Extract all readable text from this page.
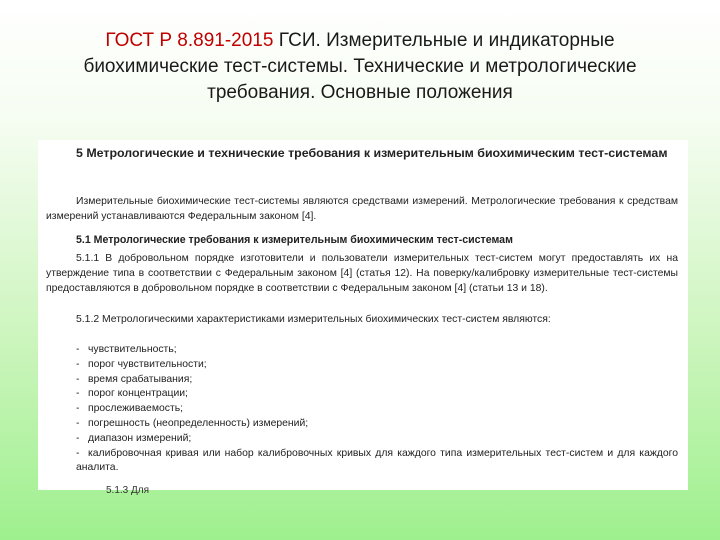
ГОСТ Р 8.891-2015 ГСИ. Измерительные и индикаторные биохимические тест-системы. Технические и метрологические требования. Основные положения
5 Метрологические и технические требования к измерительным биохимическим тест-системам
Измерительные биохимические тест-системы являются средствами измерений. Метрологические требования к средствам измерений устанавливаются Федеральным законом [4].
5.1 Метрологические требования к измерительным биохимическим тест-системам
5.1.1 В добровольном порядке изготовители и пользователи измерительных тест-систем могут предоставлять их на утверждение типа в соответствии с Федеральным законом [4] (статья 12). На поверку/калибровку измерительные тест-системы предоставляются в добровольном порядке в соответствии с Федеральным законом [4] (статьи 13 и 18).
5.1.2 Метрологическими характеристиками измерительных биохимических тест-систем являются:
- чувствительность;
- порог чувствительности;
- время срабатывания;
- порог концентрации;
- прослеживаемость;
- погрешность (неопределенность) измерений;
- диапазон измерений;
- калибровочная кривая или набор калибровочных кривых для каждого типа измерительных тест-систем и для каждого аналита.
5.1.3 Для
